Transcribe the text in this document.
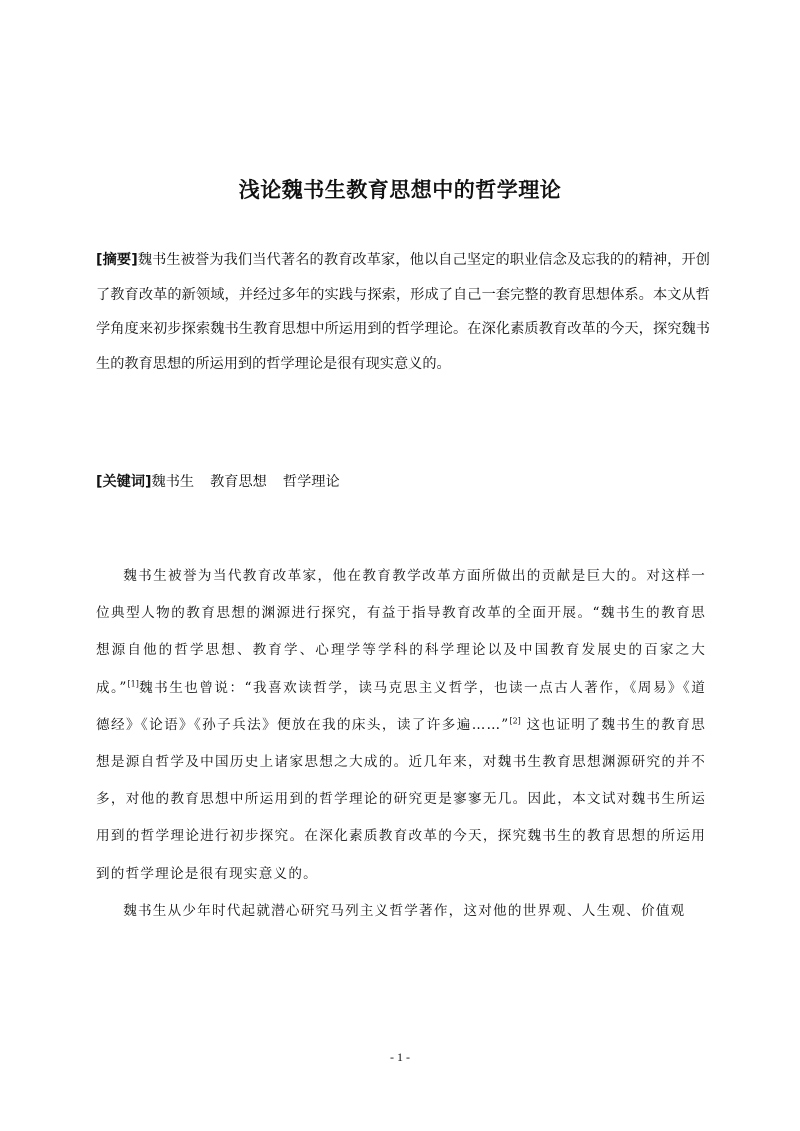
浅论魏书生教育思想中的哲学理论

[摘要]魏书生被誉为我们当代著名的教育改革家，他以自己坚定的职业信念及忘我的的精神，开创了教育改革的新领域，并经过多年的实践与探索，形成了自己一套完整的教育思想体系。本文从哲学角度来初步探索魏书生教育思想中所运用到的哲学理论。在深化素质教育改革的今天，探究魏书生的教育思想的所运用到的哲学理论是很有现实意义的。

[关键词]魏书生 教育思想 哲学理论

魏书生被誉为当代教育改革家，他在教育教学改革方面所做出的贡献是巨大的。对这样一位典型人物的教育思想的渊源进行探究，有益于指导教育改革的全面开展。“魏书生的教育思想源自他的哲学思想、教育学、心理学等学科的科学理论以及中国教育发展史的百家之大成。”[1]魏书生也曾说：“我喜欢读哲学，读马克思主义哲学，也读一点古人著作，《周易》《道德经》《论语》《孙子兵法》便放在我的床头，读了许多遍……”[2] 这也证明了魏书生的教育思想是源自哲学及中国历史上诸家思想之大成的。近几年来，对魏书生教育思想渊源研究的并不多，对他的教育思想中所运用到的哲学理论的研究更是寥寥无几。因此，本文试对魏书生所运用到的哲学理论进行初步探究。在深化素质教育改革的今天，探究魏书生的教育思想的所运用到的哲学理论是很有现实意义的。

魏书生从少年时代起就潜心研究马列主义哲学著作，这对他的世界观、人生观、价值观

- 1 -
